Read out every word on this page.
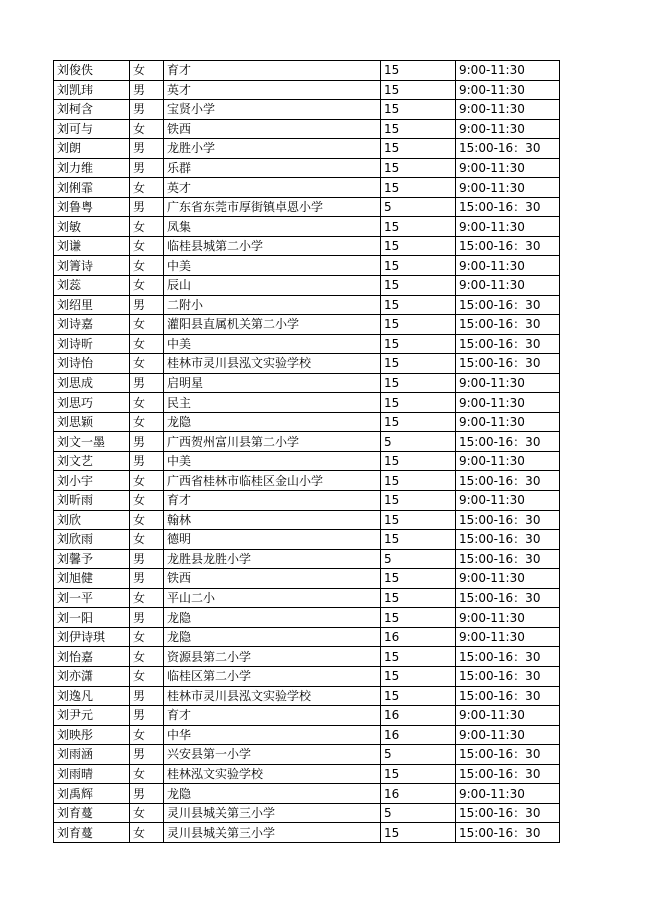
刘俊佚	女	育才	15	9:00-11:30
刘凯玮	男	英才	15	9:00-11:30
刘柯含	男	宝贤小学	15	9:00-11:30
刘可与	女	铁西	15	9:00-11:30
刘朗	男	龙胜小学	15	15:00-16：30
刘力维	男	乐群	15	9:00-11:30
刘俐霏	女	英才	15	9:00-11:30
刘鲁粤	男	广东省东莞市厚街镇卓恩小学	5	15:00-16：30
刘敏	女	凤集	15	9:00-11:30
刘谦	女	临桂县城第二小学	15	15:00-16：30
刘箐诗	女	中美	15	9:00-11:30
刘蕊	女	辰山	15	9:00-11:30
刘绍里	男	二附小	15	15:00-16：30
刘诗嘉	女	灌阳县直属机关第二小学	15	15:00-16：30
刘诗昕	女	中美	15	15:00-16：30
刘诗怡	女	桂林市灵川县泓文实验学校	15	15:00-16：30
刘思成	男	启明星	15	9:00-11:30
刘思巧	女	民主	15	9:00-11:30
刘思颖	女	龙隐	15	9:00-11:30
刘文一墨	男	广西贺州富川县第二小学	5	15:00-16：30
刘文艺	男	中美	15	9:00-11:30
刘小宇	女	广西省桂林市临桂区金山小学	15	15:00-16：30
刘昕雨	女	育才	15	9:00-11:30
刘欣	女	翰林	15	15:00-16：30
刘欣雨	女	德明	15	15:00-16：30
刘馨予	男	龙胜县龙胜小学	5	15:00-16：30
刘旭健	男	铁西	15	9:00-11:30
刘一平	女	平山二小	15	15:00-16：30
刘一阳	男	龙隐	15	9:00-11:30
刘伊诗琪	女	龙隐	16	9:00-11:30
刘怡嘉	女	资源县第二小学	15	15:00-16：30
刘亦潇	女	临桂区第二小学	15	15:00-16：30
刘逸凡	男	桂林市灵川县泓文实验学校	15	15:00-16：30
刘尹元	男	育才	16	9:00-11:30
刘映彤	女	中华	16	9:00-11:30
刘雨涵	男	兴安县第一小学	5	15:00-16：30
刘雨晴	女	桂林泓文实验学校	15	15:00-16：30
刘禹辉	男	龙隐	16	9:00-11:30
刘育蔓	女	灵川县城关第三小学	5	15:00-16：30
刘育蔓	女	灵川县城关第三小学	15	15:00-16：30
